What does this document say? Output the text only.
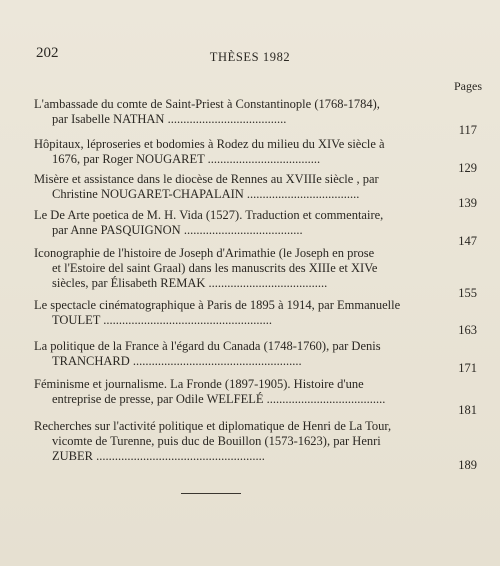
202	THÈSES 1982
Pages
L'ambassade du comte de Saint-Priest à Constantinople (1768-1784),
par Isabelle NATHAN ......................................
117
Hôpitaux, léproseries et bodomies à Rodez du milieu du XIVe siècle à
1676, par Roger NOUGARET ....................................
129
Misère et assistance dans le diocèse de Rennes au XVIIIe siècle , par
Christine NOUGARET-CHAPALAIN ....................................
139
Le De Arte poetica de M. H. Vida (1527). Traduction et commentaire,
par Anne PASQUIGNON ......................................
147
Iconographie de l'histoire de Joseph d'Arimathie (le Joseph en prose
et l'Estoire del saint Graal) dans les manuscrits des XIIIe et XIVe
siècles, par Élisabeth REMAK ......................................
155
Le spectacle cinématographique à Paris de 1895 à 1914, par Emmanuelle
TOULET ......................................................
163
La politique de la France à l'égard du Canada (1748-1760), par Denis
TRANCHARD ......................................................	171
Féminisme et journalisme. La Fronde (1897-1905). Histoire d'une
entreprise de presse, par Odile WELFELÉ ......................................
181
Recherches sur l'activité politique et diplomatique de Henri de La Tour,
vicomte de Turenne, puis duc de Bouillon (1573-1623), par Henri
ZUBER ......................................................
189
